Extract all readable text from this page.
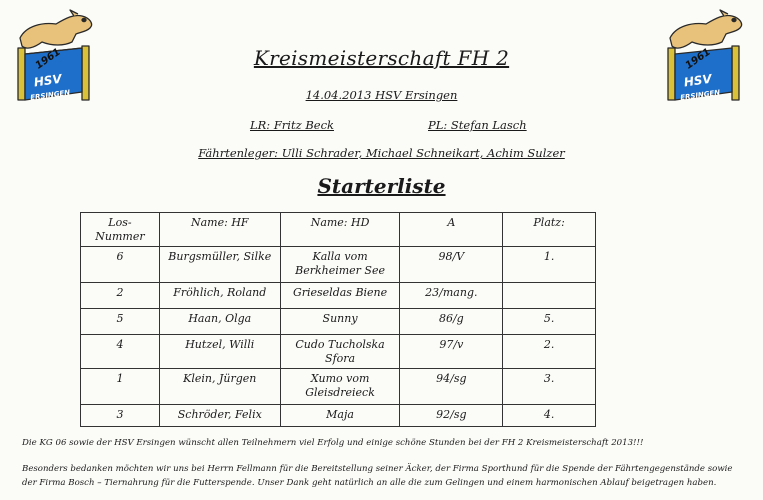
1961
HSV
ERSINGEN
1961
HSV
ERSINGEN
Kreismeisterschaft FH 2
14.04.2013 HSV Ersingen
LR: Fritz Beck	PL: Stefan Lasch
Fährtenleger: Ulli Schrader, Michael Schneikart, Achim Sulzer
Starterliste
Los-Nummer	Name: HF	Name: HD	A	Platz:
6	Burgsmüller, Silke	Kalla vom Berkheimer See	98/V	1.
2	Fröhlich, Roland	Grieseldas Biene	23/mang.	
5	Haan, Olga	Sunny	86/g	5.
4	Hutzel, Willi	Cudo Tucholska Sfora	97/v	2.
1	Klein, Jürgen	Xumo vom Gleisdreieck	94/sg	3.
3	Schröder, Felix	Maja	92/sg	4.
Die KG 06 sowie der HSV Ersingen wünscht allen Teilnehmern viel Erfolg und einige schöne Stunden bei der FH 2 Kreismeisterschaft 2013!!!
Besonders bedanken möchten wir uns bei Herrn Fellmann für die Bereitstellung seiner Äcker, der Firma Sporthund für die Spende der Fährtengegenstände sowie der Firma Bosch – Tiernahrung für die Futterspende. Unser Dank geht natürlich an alle die zum Gelingen und einem harmonischen Ablauf beigetragen haben.
